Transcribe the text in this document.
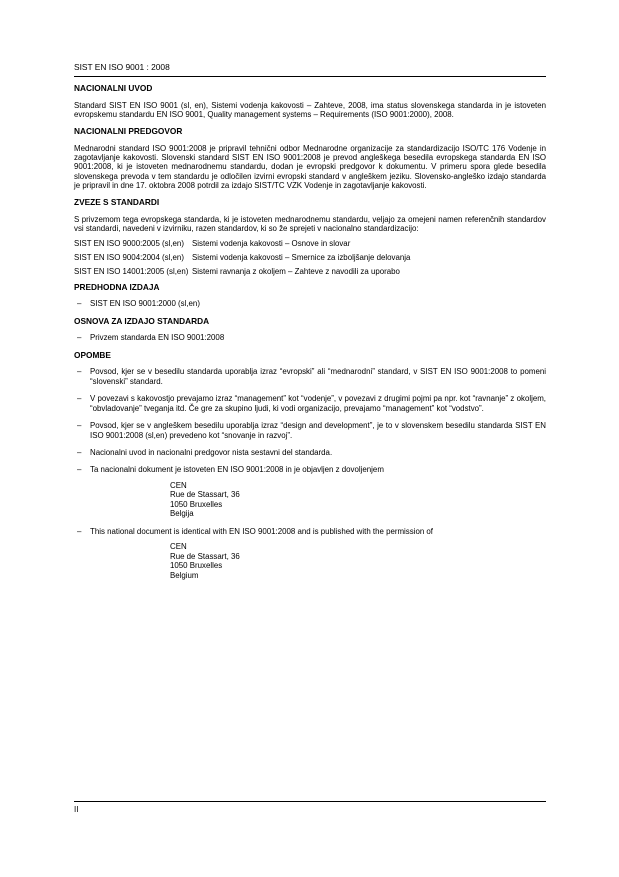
SIST EN ISO 9001 : 2008
NACIONALNI UVOD

Standard SIST EN ISO 9001 (sl, en), Sistemi vodenja kakovosti – Zahteve, 2008, ima status slovenskega standarda in je istoveten evropskemu standardu EN ISO 9001, Quality management systems – Requirements (ISO 9001:2000), 2008.

NACIONALNI PREDGOVOR

Mednarodni standard ISO 9001:2008 je pripravil tehnični odbor Mednarodne organizacije za standardizacijo ISO/TC 176 Vodenje in zagotavljanje kakovosti. Slovenski standard SIST EN ISO 9001:2008 je prevod angleškega besedila evropskega standarda EN ISO 9001:2008, ki je istoveten mednarodnemu standardu, dodan je evropski predgovor k dokumentu. V primeru spora glede besedila slovenskega prevoda v tem standardu je odločilen izvirni evropski standard v angleškem jeziku. Slovensko-angleško izdajo standarda je pripravil in dne 17. oktobra 2008 potrdil za izdajo SIST/TC VZK Vodenje in zagotavljanje kakovosti.

ZVEZE S STANDARDI

S privzemom tega evropskega standarda, ki je istoveten mednarodnemu standardu, veljajo za omejeni namen referenčnih standardov vsi standardi, navedeni v izvirniku, razen standardov, ki so že sprejeti v nacionalno standardizacijo:

SIST EN ISO 9000:2005 (sl,en)	Sistemi vodenja kakovosti – Osnove in slovar
SIST EN ISO 9004:2004 (sl,en)	Sistemi vodenja kakovosti – Smernice za izboljšanje delovanja
SIST EN ISO 14001:2005 (sl,en) Sistemi ravnanja z okoljem – Zahteve z navodili za uporabo
PREDHODNA IZDAJA
– SIST EN ISO 9001:2000 (sl,en)
OSNOVA ZA IZDAJO STANDARDA
– Privzem standarda EN ISO 9001:2008
OPOMBE
– Povsod, kjer se v besedilu standarda uporablja izraz “evropski” ali “mednarodni” standard, v SIST EN ISO 9001:2008 to pomeni “slovenski” standard.
– V povezavi s kakovostjo prevajamo izraz “management” kot “vodenje”, v povezavi z drugimi pojmi pa npr. kot “ravnanje” z okoljem, “obvladovanje” tveganja itd. Če gre za skupino ljudi, ki vodi organizacijo, prevajamo “management” kot “vodstvo”.
– Povsod, kjer se v angleškem besedilu uporablja izraz “design and development”, je to v slovenskem besedilu standarda SIST EN ISO 9001:2008 (sl,en) prevedeno kot “snovanje in razvoj”.
– Nacionalni uvod in nacionalni predgovor nista sestavni del standarda.
– Ta nacionalni dokument je istoveten EN ISO 9001:2008 in je objavljen z dovoljenjem
CEN
Rue de Stassart, 36
1050 Bruxelles
Belgija
– This national document is identical with EN ISO 9001:2008 and is published with the permission of
CEN
Rue de Stassart, 36
1050 Bruxelles
Belgium
II
